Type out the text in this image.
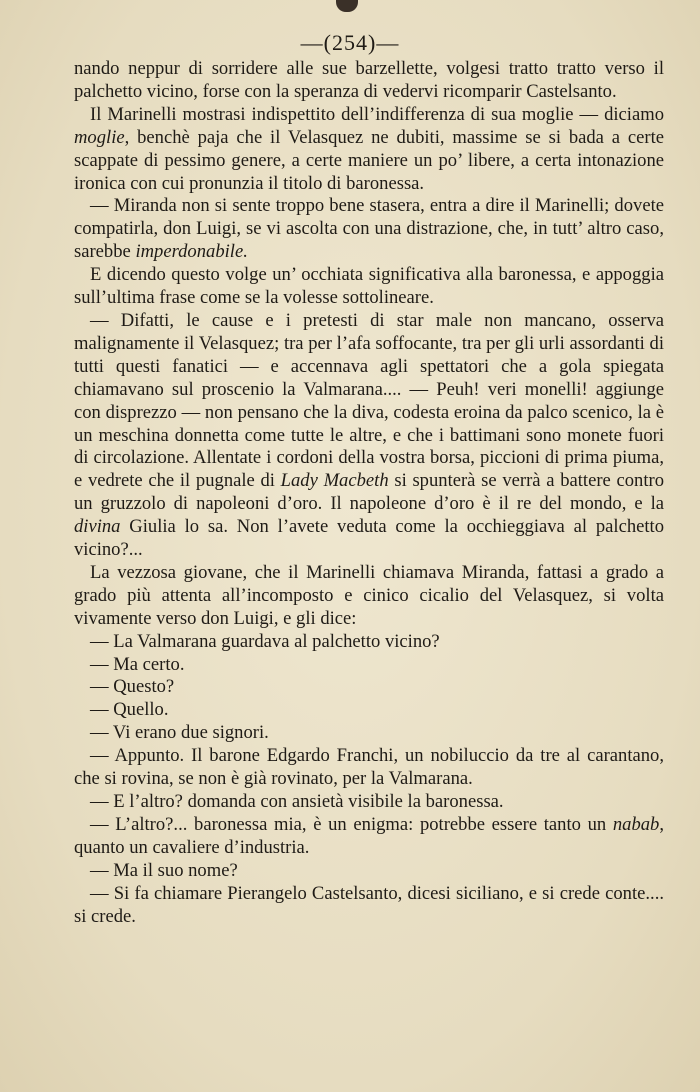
—(254)—

nando neppur di sorridere alle sue barzellette, volgesi tratto tratto verso il palchetto vicino, forse con la speranza di vedervi ricomparir Castelsanto.

Il Marinelli mostrasi indispettito dell’indifferenza di sua moglie — diciamo moglie, benchè paja che il Velasquez ne dubiti, massime se si bada a certe scappate di pessimo genere, a certe maniere un po’ libere, a certa intonazione ironica con cui pronunzia il titolo di baronessa.

— Miranda non si sente troppo bene stasera, entra a dire il Marinelli; dovete compatirla, don Luigi, se vi ascolta con una distrazione, che, in tutt’ altro caso, sarebbe imperdonabile.

E dicendo questo volge un’ occhiata significativa alla baronessa, e appoggia sull’ultima frase come se la volesse sottolineare.

— Difatti, le cause e i pretesti di star male non mancano, osserva malignamente il Velasquez; tra per l’afa soffocante, tra per gli urli assordanti di tutti questi fanatici — e accennava agli spettatori che a gola spiegata chiamavano sul proscenio la Valmarana.... — Peuh! veri monelli! aggiunge con disprezzo — non pensano che la diva, codesta eroina da palco scenico, la è un meschina donnetta come tutte le altre, e che i battimani sono monete fuori di circolazione. Allentate i cordoni della vostra borsa, piccioni di prima piuma, e vedrete che il pugnale di Lady Macbeth si spunterà se verrà a battere contro un gruzzolo di napoleoni d’oro. Il napoleone d’oro è il re del mondo, e la divina Giulia lo sa. Non l’avete veduta come la occhieggiava al palchetto vicino?...

La vezzosa giovane, che il Marinelli chiamava Miranda, fattasi a grado a grado più attenta all’incomposto e cinico cicalio del Velasquez, si volta vivamente verso don Luigi, e gli dice:

— La Valmarana guardava al palchetto vicino?

— Ma certo.

— Questo?

— Quello.

— Vi erano due signori.

— Appunto. Il barone Edgardo Franchi, un nobiluccio da tre al carantano, che si rovina, se non è già rovinato, per la Valmarana.

— E l’altro? domanda con ansietà visibile la baronessa.

— L’altro?... baronessa mia, è un enigma: potrebbe essere tanto un nabab, quanto un cavaliere d’industria.

— Ma il suo nome?

— Si fa chiamare Pierangelo Castelsanto, dicesi siciliano, e si crede conte.... si crede.
